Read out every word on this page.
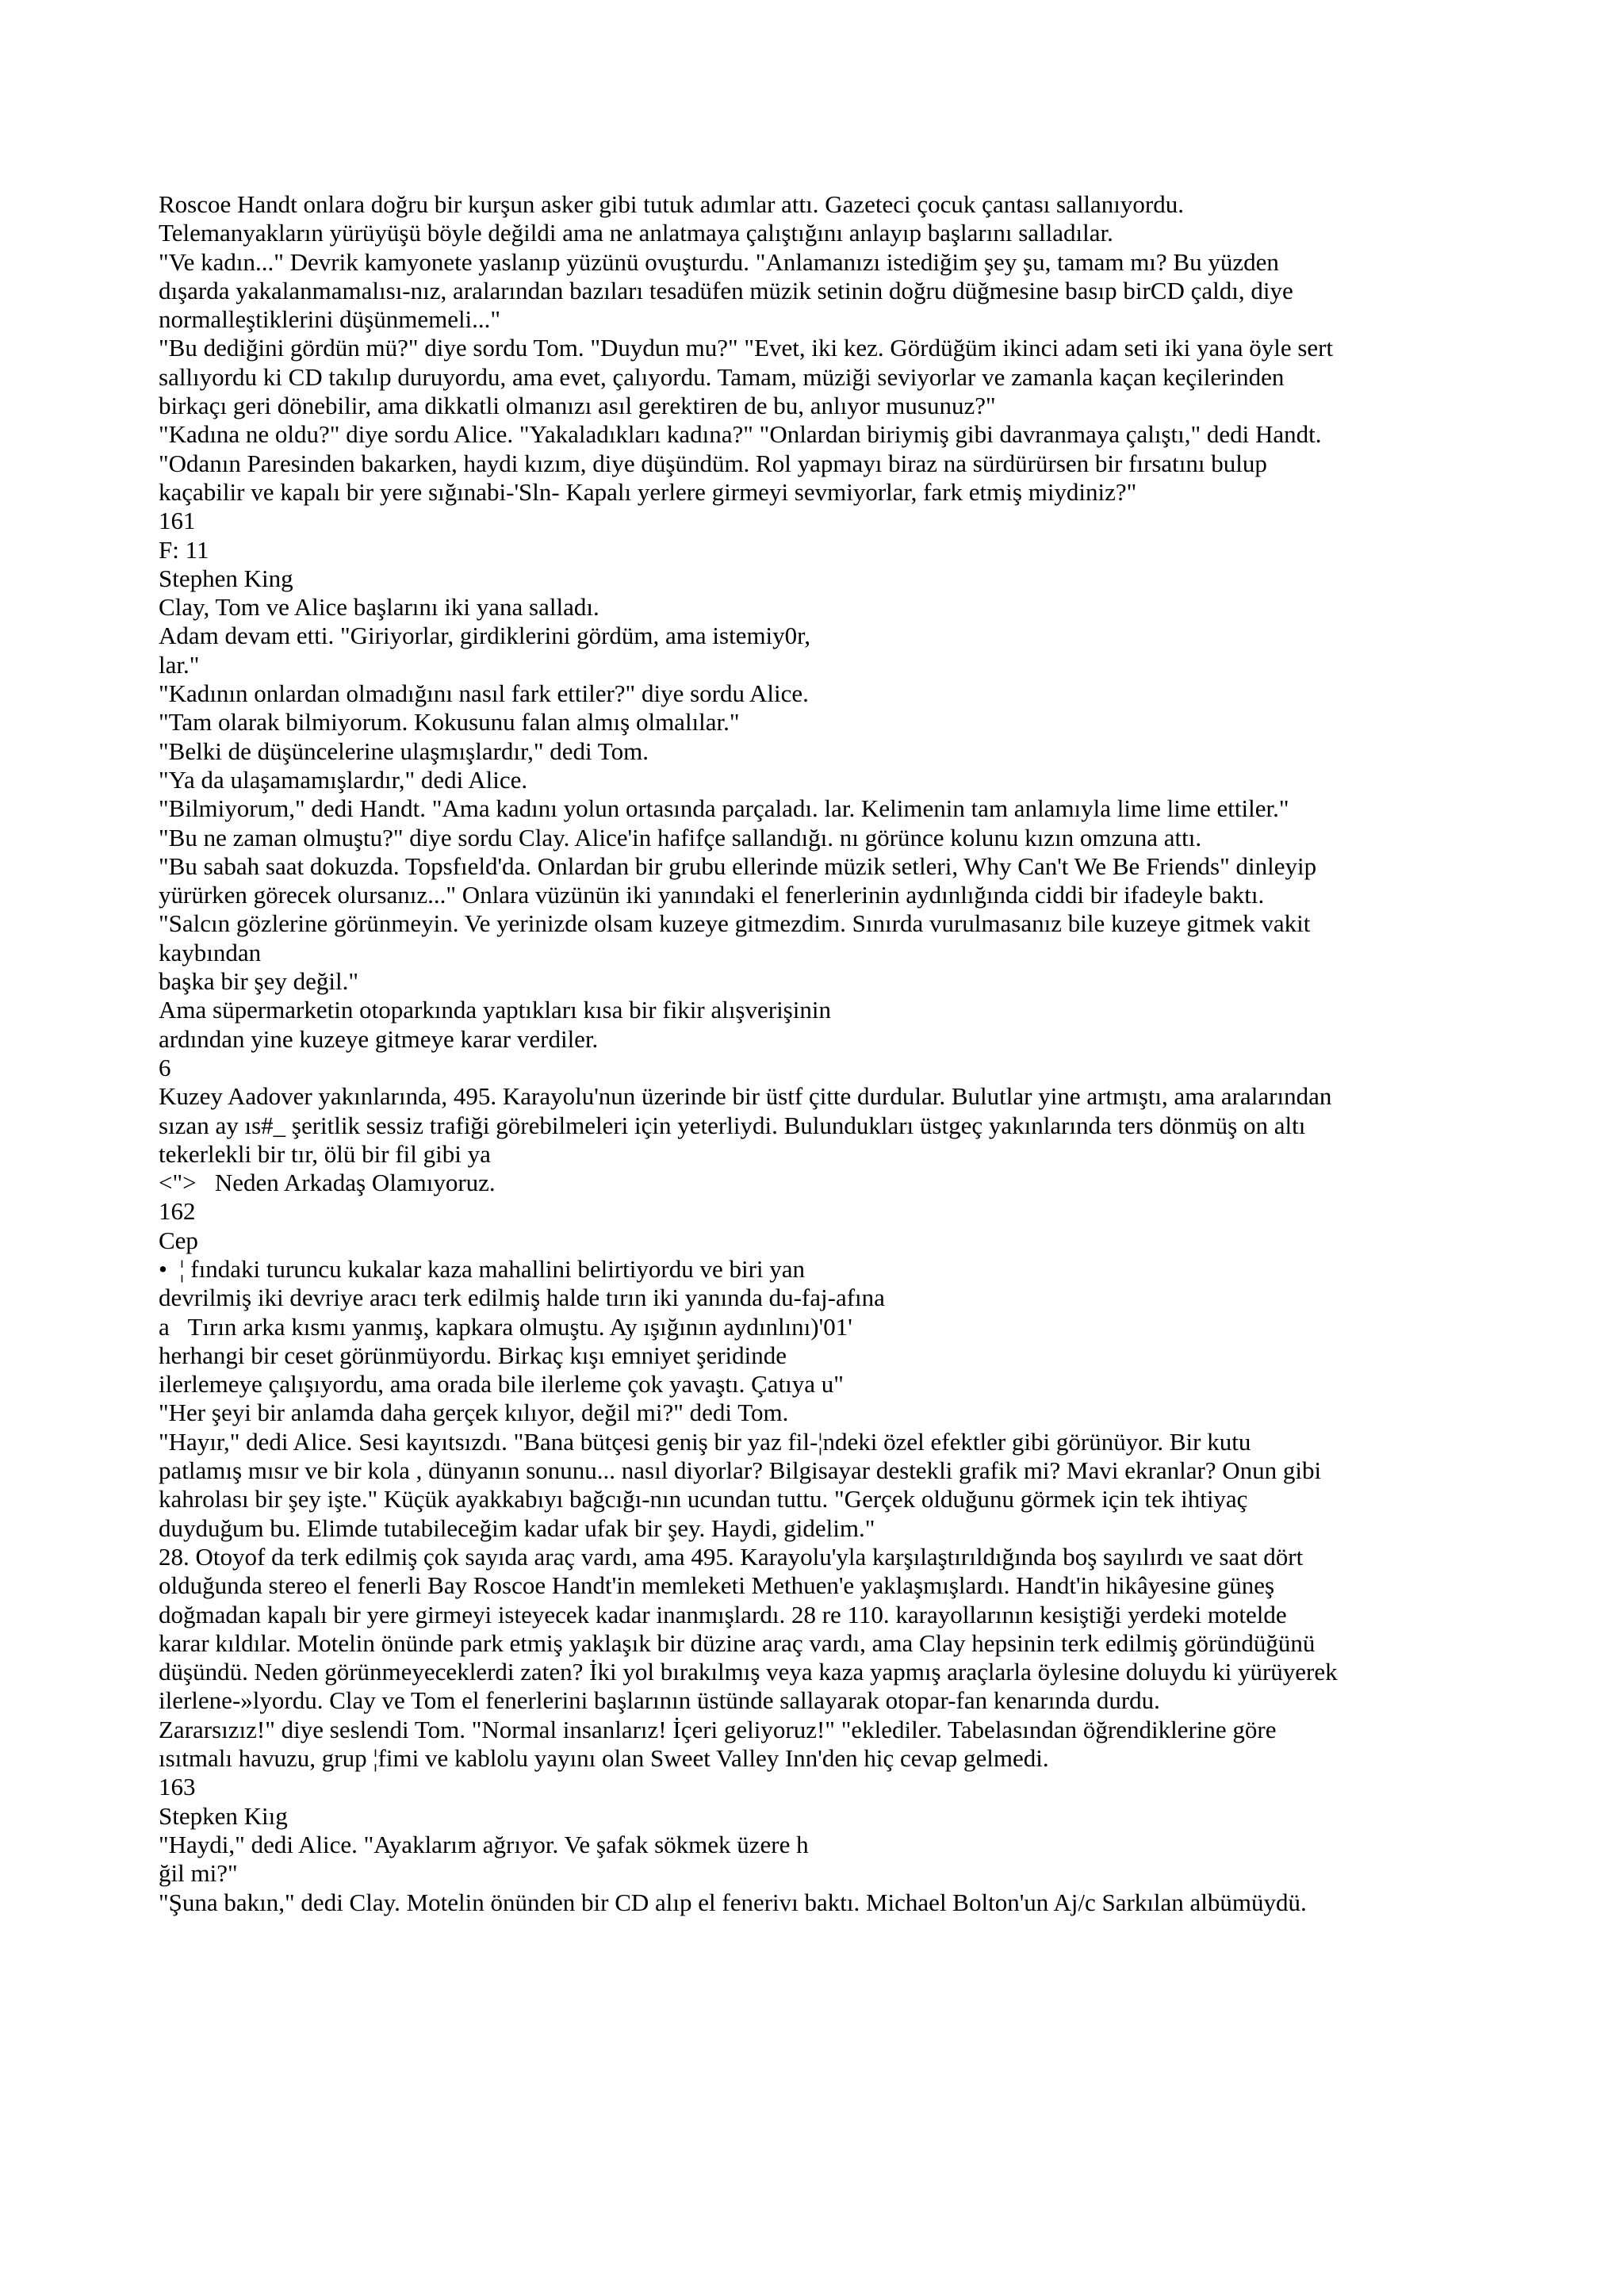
Roscoe Handt onlara doğru bir kurşun asker gibi tutuk adımlar attı. Gazeteci çocuk çantası sallanıyordu.
Telemanyakların yürüyüşü böyle değildi ama ne anlatmaya çalıştığını anlayıp başlarını salladılar.
"Ve kadın..." Devrik kamyonete yaslanıp yüzünü ovuşturdu. "Anlamanızı istediğim şey şu, tamam mı? Bu yüzden
dışarda yakalanmamalısı-nız, aralarından bazıları tesadüfen müzik setinin doğru düğmesine basıp birCD çaldı, diye
normalleştiklerini düşünmemeli..."
"Bu dediğini gördün mü?" diye sordu Tom. "Duydun mu?" "Evet, iki kez. Gördüğüm ikinci adam seti iki yana öyle sert
sallıyordu ki CD takılıp duruyordu, ama evet, çalıyordu. Tamam, müziği seviyorlar ve zamanla kaçan keçilerinden
birkaçı geri dönebilir, ama dikkatli olmanızı asıl gerektiren de bu, anlıyor musunuz?"
"Kadına ne oldu?" diye sordu Alice. "Yakaladıkları kadına?" "Onlardan biriymiş gibi davranmaya çalıştı," dedi Handt.
"Odanın Paresinden bakarken, haydi kızım, diye düşündüm. Rol yapmayı biraz na sürdürürsen bir fırsatını bulup
kaçabilir ve kapalı bir yere sığınabi-'Sln- Kapalı yerlere girmeyi sevmiyorlar, fark etmiş miydiniz?"
161
F: 11
Stephen King
Clay, Tom ve Alice başlarını iki yana salladı.
Adam devam etti. "Giriyorlar, girdiklerini gördüm, ama istemiy0r,
lar."
"Kadının onlardan olmadığını nasıl fark ettiler?" diye sordu Alice.
"Tam olarak bilmiyorum. Kokusunu falan almış olmalılar."
"Belki de düşüncelerine ulaşmışlardır," dedi Tom.
"Ya da ulaşamamışlardır," dedi Alice.
"Bilmiyorum," dedi Handt. "Ama kadını yolun ortasında parçaladı. lar. Kelimenin tam anlamıyla lime lime ettiler."
"Bu ne zaman olmuştu?" diye sordu Clay. Alice'in hafifçe sallandığı. nı görünce kolunu kızın omzuna attı.
"Bu sabah saat dokuzda. Topsfıeld'da. Onlardan bir grubu ellerinde müzik setleri, Why Can't We Be Friends" dinleyip
yürürken görecek olursanız..." Onlara vüzünün iki yanındaki el fenerlerinin aydınlığında ciddi bir ifadeyle baktı.
"Salcın gözlerine görünmeyin. Ve yerinizde olsam kuzeye gitmezdim. Sınırda vurulmasanız bile kuzeye gitmek vakit
kaybından
başka bir şey değil."
Ama süpermarketin otoparkında yaptıkları kısa bir fikir alışverişinin
ardından yine kuzeye gitmeye karar verdiler.
6
Kuzey Aadover yakınlarında, 495. Karayolu'nun üzerinde bir üstf çitte durdular. Bulutlar yine artmıştı, ama aralarından
sızan ay ıs#_ şeritlik sessiz trafiği görebilmeleri için yeterliydi. Bulundukları üstgeç yakınlarında ters dönmüş on altı
tekerlekli bir tır, ölü bir fil gibi ya
<">   Neden Arkadaş Olamıyoruz.
162
Cep
•  ¦ fındaki turuncu kukalar kaza mahallini belirtiyordu ve biri yan
devrilmiş iki devriye aracı terk edilmiş halde tırın iki yanında du-faj-afına
a   Tırın arka kısmı yanmış, kapkara olmuştu. Ay ışığının aydınlını)'01'
herhangi bir ceset görünmüyordu. Birkaç kışı emniyet şeridinde
ilerlemeye çalışıyordu, ama orada bile ilerleme çok yavaştı. Çatıya u"
"Her şeyi bir anlamda daha gerçek kılıyor, değil mi?" dedi Tom.
"Hayır," dedi Alice. Sesi kayıtsızdı. "Bana bütçesi geniş bir yaz fil-¦ndeki özel efektler gibi görünüyor. Bir kutu
patlamış mısır ve bir kola , dünyanın sonunu... nasıl diyorlar? Bilgisayar destekli grafik mi? Mavi ekranlar? Onun gibi
kahrolası bir şey işte." Küçük ayakkabıyı bağcığı-nın ucundan tuttu. "Gerçek olduğunu görmek için tek ihtiyaç
duyduğum bu. Elimde tutabileceğim kadar ufak bir şey. Haydi, gidelim."
28. Otoyof da terk edilmiş çok sayıda araç vardı, ama 495. Karayolu'yla karşılaştırıldığında boş sayılırdı ve saat dört
olduğunda stereo el fenerli Bay Roscoe Handt'in memleketi Methuen'e yaklaşmışlardı. Handt'in hikâyesine güneş
doğmadan kapalı bir yere girmeyi isteyecek kadar inanmışlardı. 28 re 110. karayollarının kesiştiği yerdeki motelde
karar kıldılar. Motelin önünde park etmiş yaklaşık bir düzine araç vardı, ama Clay hepsinin terk edilmiş göründüğünü
düşündü. Neden görünmeyeceklerdi zaten? İki yol bırakılmış veya kaza yapmış araçlarla öylesine doluydu ki yürüyerek
ilerlene-»lyordu. Clay ve Tom el fenerlerini başlarının üstünde sallayarak otopar-fan kenarında durdu.
Zararsızız!" diye seslendi Tom. "Normal insanlarız! İçeri geliyoruz!" "eklediler. Tabelasından öğrendiklerine göre
ısıtmalı havuzu, grup ¦fimi ve kablolu yayını olan Sweet Valley Inn'den hiç cevap gelmedi.
163
Stepken Kiıg
"Haydi," dedi Alice. "Ayaklarım ağrıyor. Ve şafak sökmek üzere h
ğil mi?"
"Şuna bakın," dedi Clay. Motelin önünden bir CD alıp el fenerivı baktı. Michael Bolton'un Aj/c Sarkılan albümüydü.
